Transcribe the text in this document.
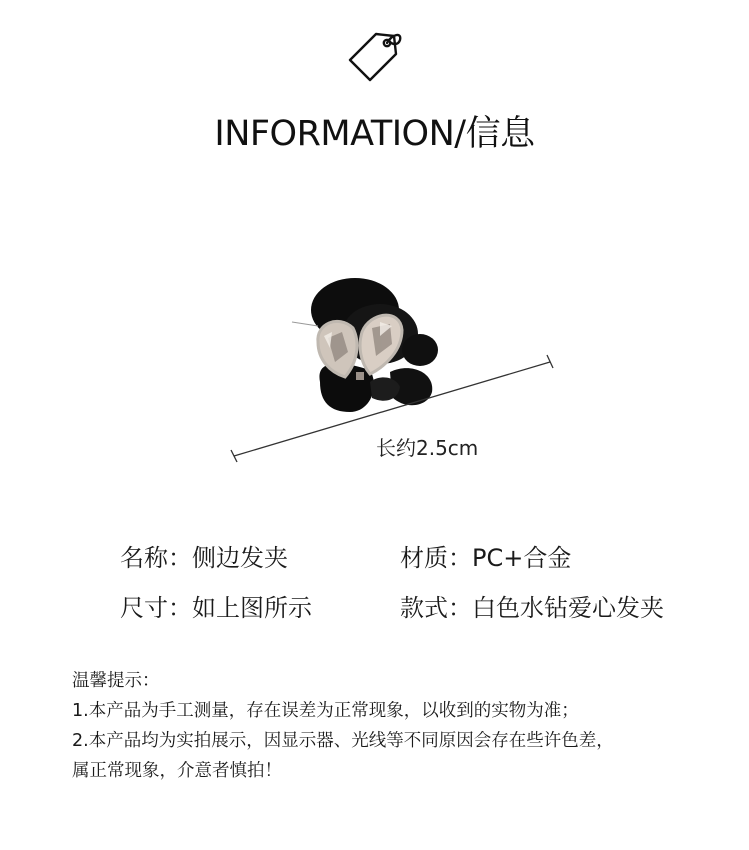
INFORMATION/信息
长约2.5cm
名称：侧边发夹	材质：PC+合金
尺寸：如上图所示	款式：白色水钻爱心发夹
温馨提示：
1.本产品为手工测量，存在误差为正常现象，以收到的实物为准；
2.本产品均为实拍展示，因显示器、光线等不同原因会存在些许色差，
属正常现象，介意者慎拍！
